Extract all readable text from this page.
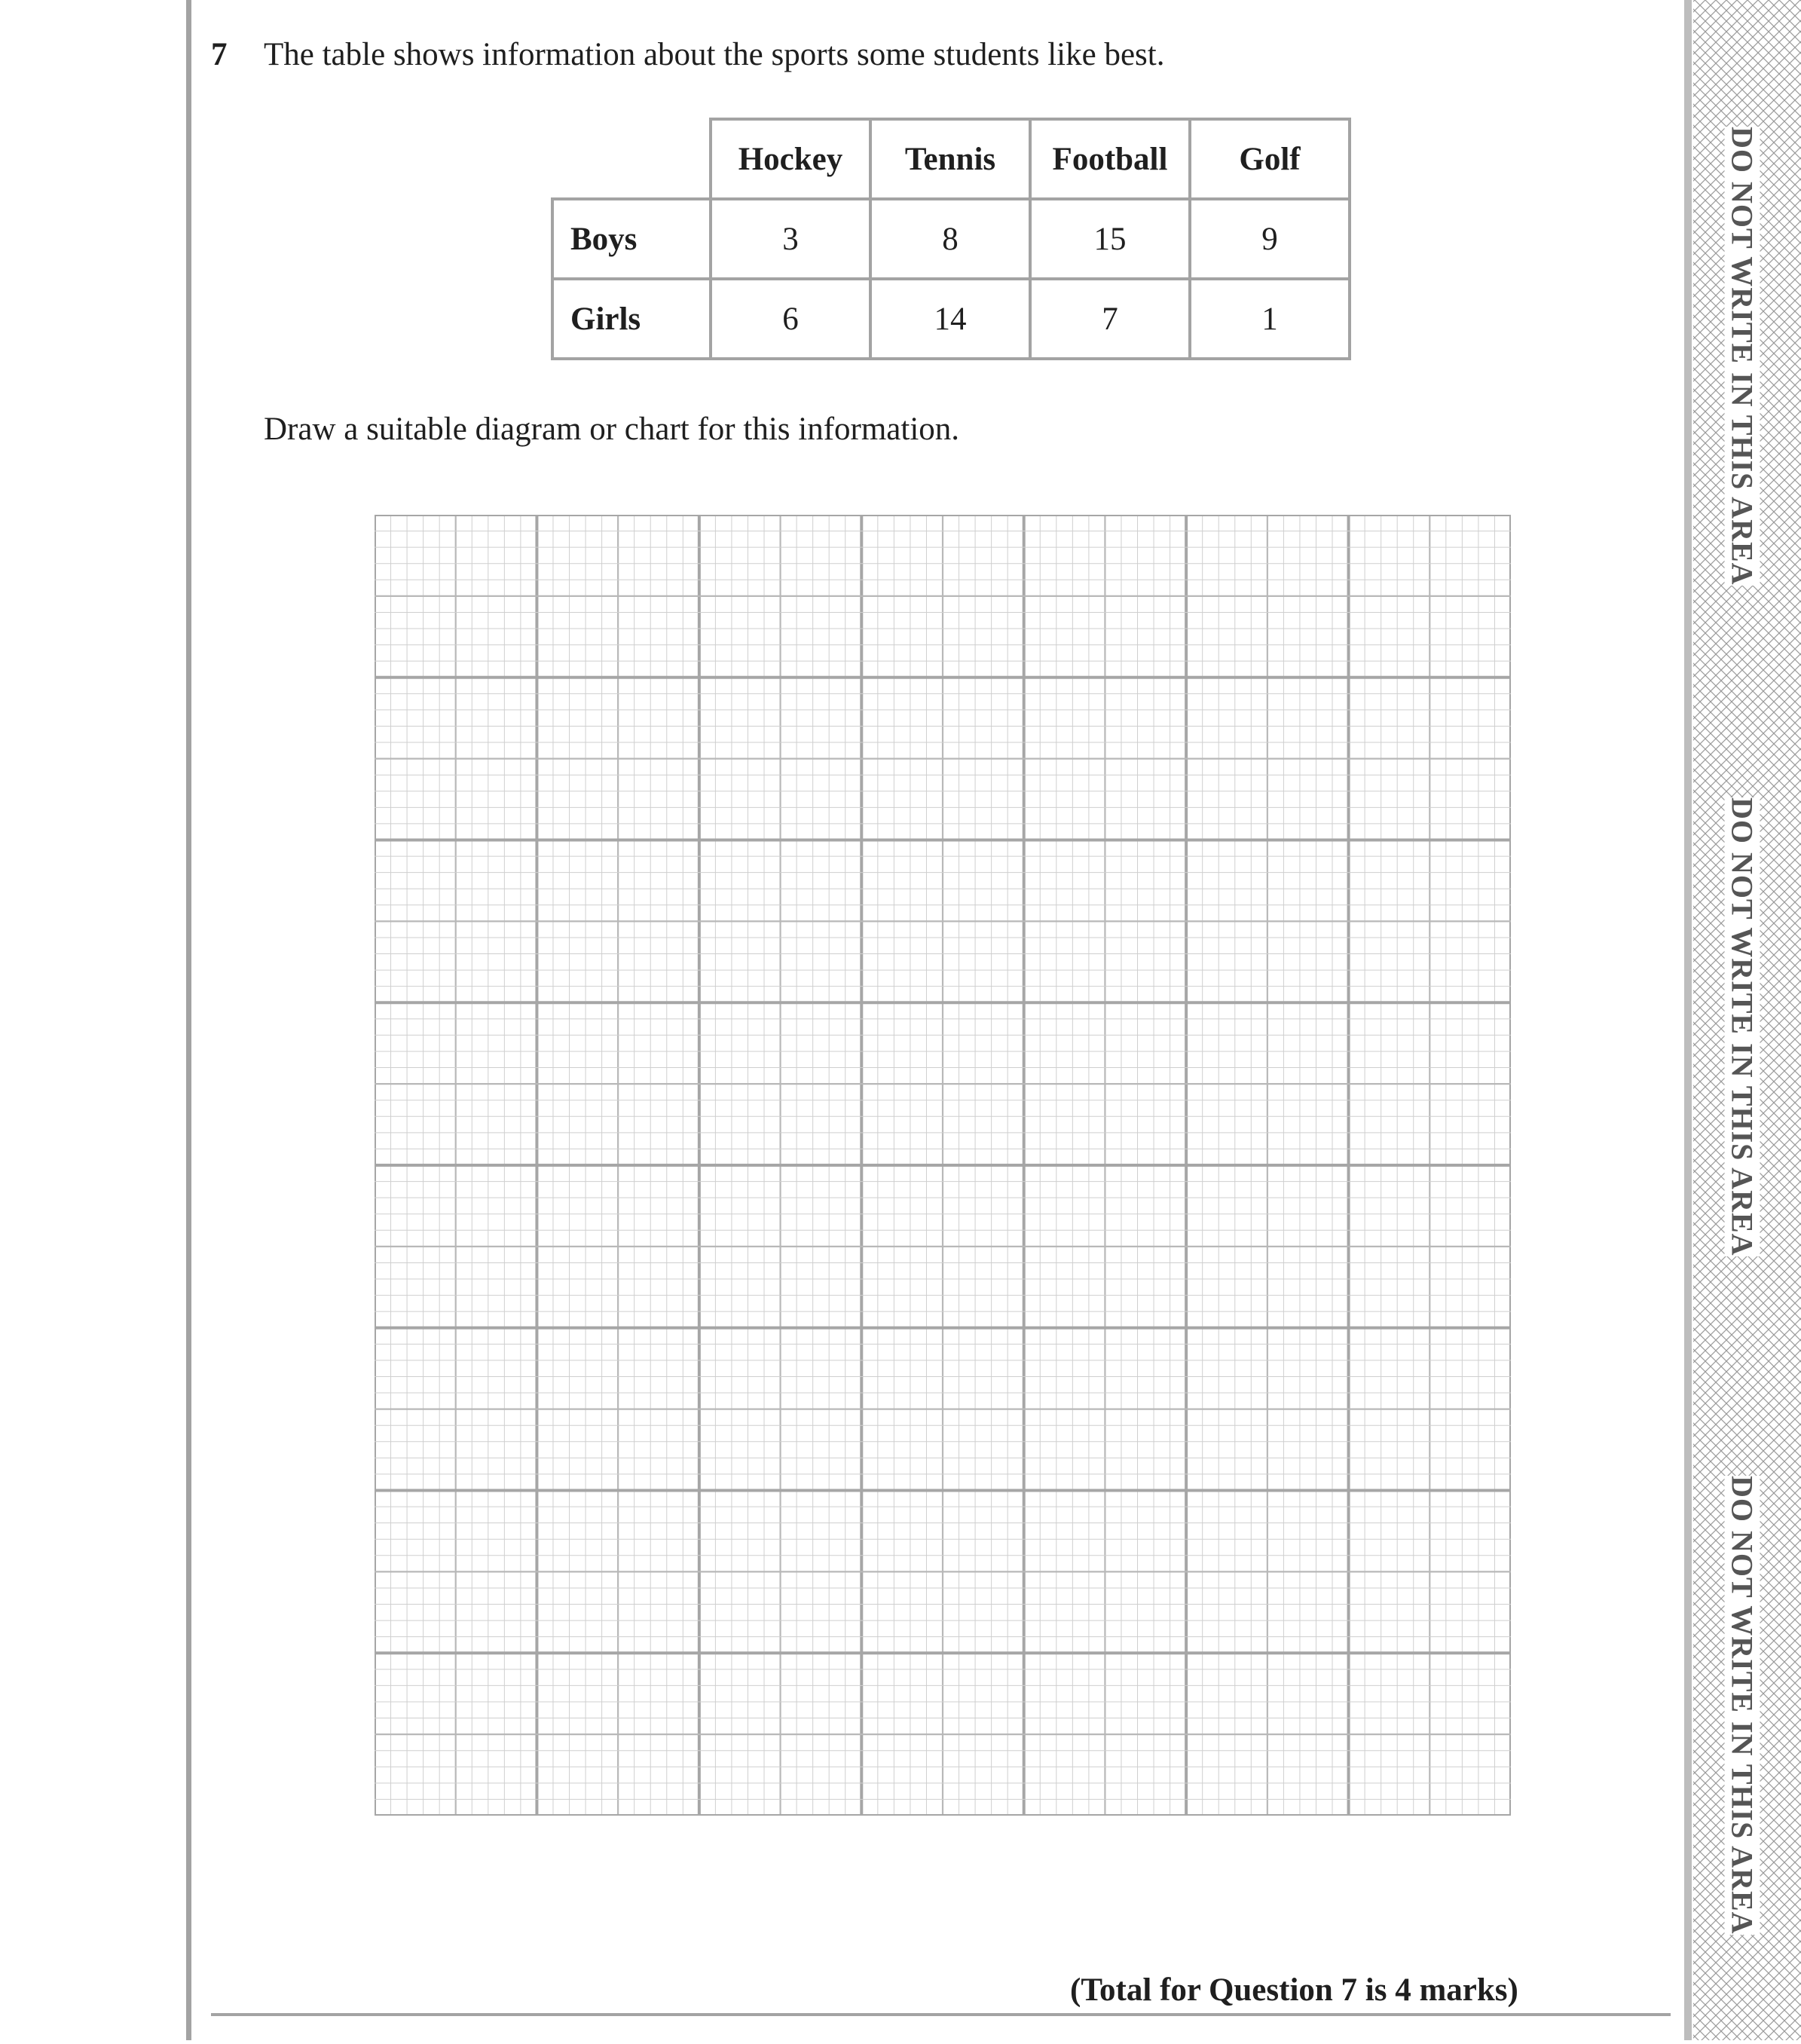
7 The table shows information about the sports some students like best.
	Hockey	Tennis	Football	Golf
Boys	3	8	15	9
Girls	6	14	7	1
Draw a suitable diagram or chart for this information.
(Total for Question 7 is 4 marks)
DO NOT WRITE IN THIS AREA
DO NOT WRITE IN THIS AREA
DO NOT WRITE IN THIS AREA
